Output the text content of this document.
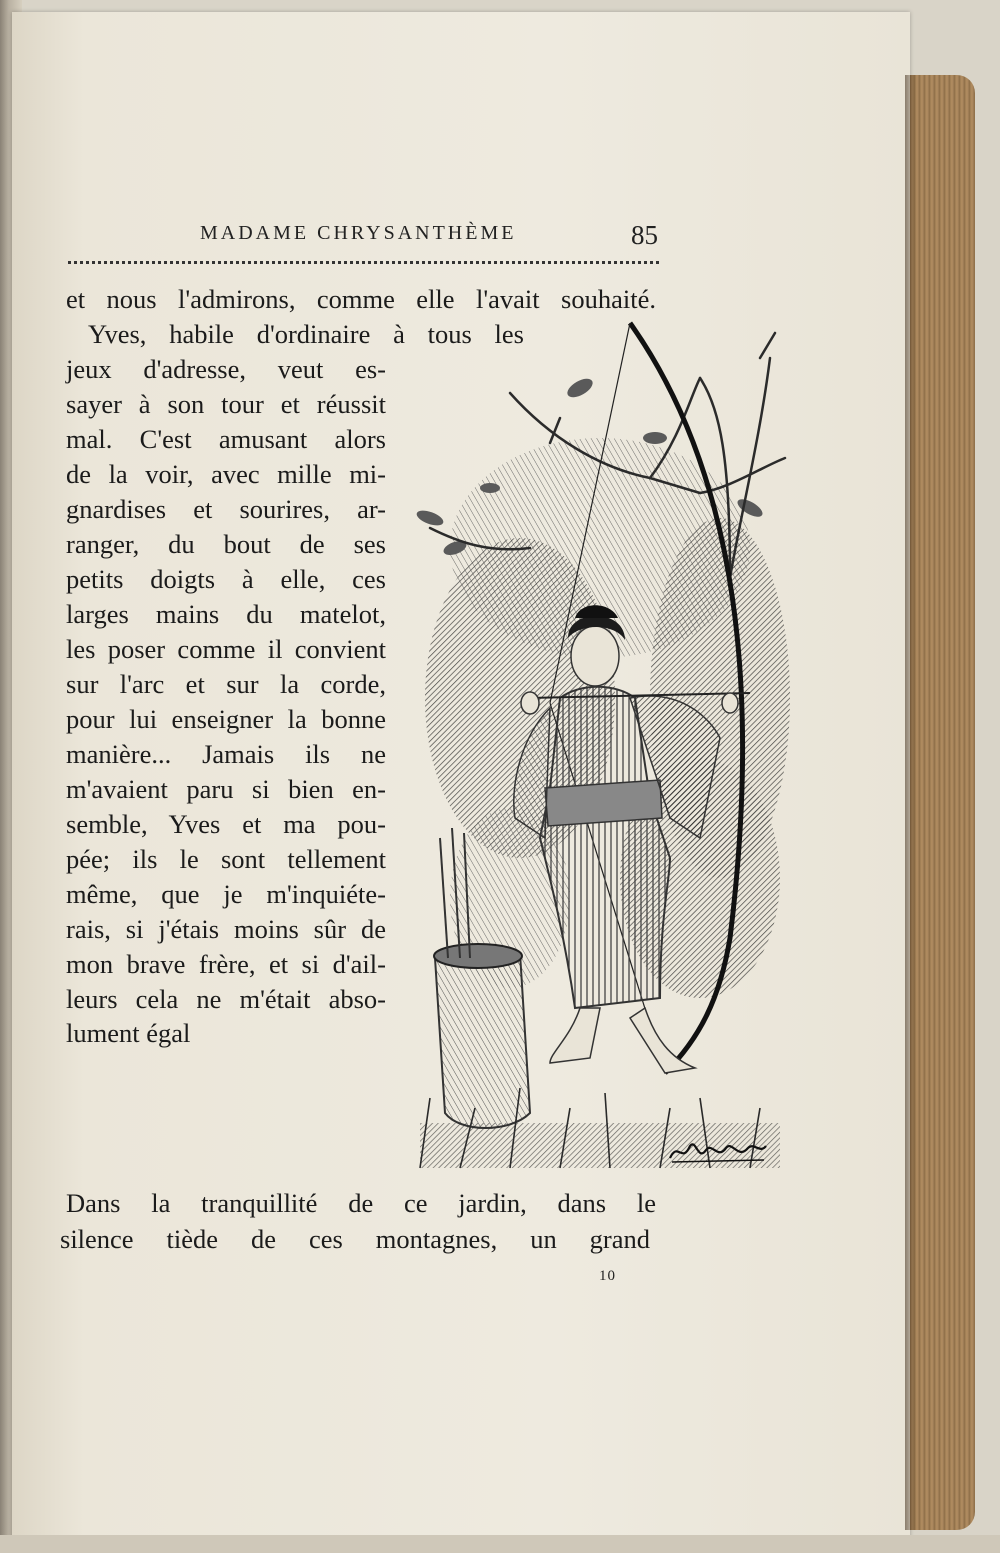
MADAME CHRYSANTHÈME	85
et nous l'admirons, comme elle l'avait souhaité.
Yves, habile d'ordinaire à tous les
jeux d'adresse, veut es-
sayer à son tour et réussit
mal. C'est amusant alors
de la voir, avec mille mi-
gnardises et sourires, ar-
ranger, du bout de ses
petits doigts à elle, ces
larges mains du matelot,
les poser comme il convient
sur l'arc et sur la corde,
pour lui enseigner la bonne
manière... Jamais ils ne
m'avaient paru si bien en-
semble, Yves et ma pou-
pée; ils le sont tellement
même, que je m'inquiéte-
rais, si j'étais moins sûr de
mon brave frère, et si d'ail-
leurs cela ne m'était abso-
lument égal
Dans la tranquillité de ce jardin, dans le
silence tiède de ces montagnes, un grand
10
